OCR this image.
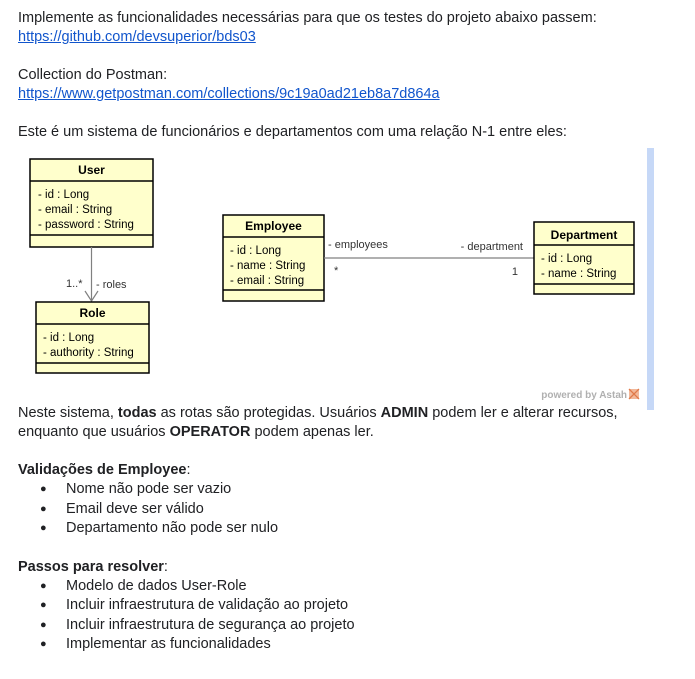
Implemente as funcionalidades necessárias para que os testes do projeto abaixo passem:

https://github.com/devsuperior/bds03

Collection do Postman:

https://www.getpostman.com/collections/9c19a0ad21eb8a7d864a

Este é um sistema de funcionários e departamentos com uma relação N-1 entre eles:

Neste sistema, todas as rotas são protegidas. Usuários ADMIN podem ler e alterar recursos,

enquanto que usuários OPERATOR podem apenas ler.

Validações de Employee:

● Nome não pode ser vazio
● Email deve ser válido
● Departamento não pode ser nulo

Passos para resolver:

● Modelo de dados User-Role
● Incluir infraestrutura de validação ao projeto
● Incluir infraestrutura de segurança ao projeto
● Implementar as funcionalidades
User
- id : Long
- email : String
- password : String
1..* - roles
Role
- id : Long
- authority : String
Employee
- id : Long
- name : String
- email : String
- employees
*
- department
1
Department
- id : Long
- name : String
powered by Astah
